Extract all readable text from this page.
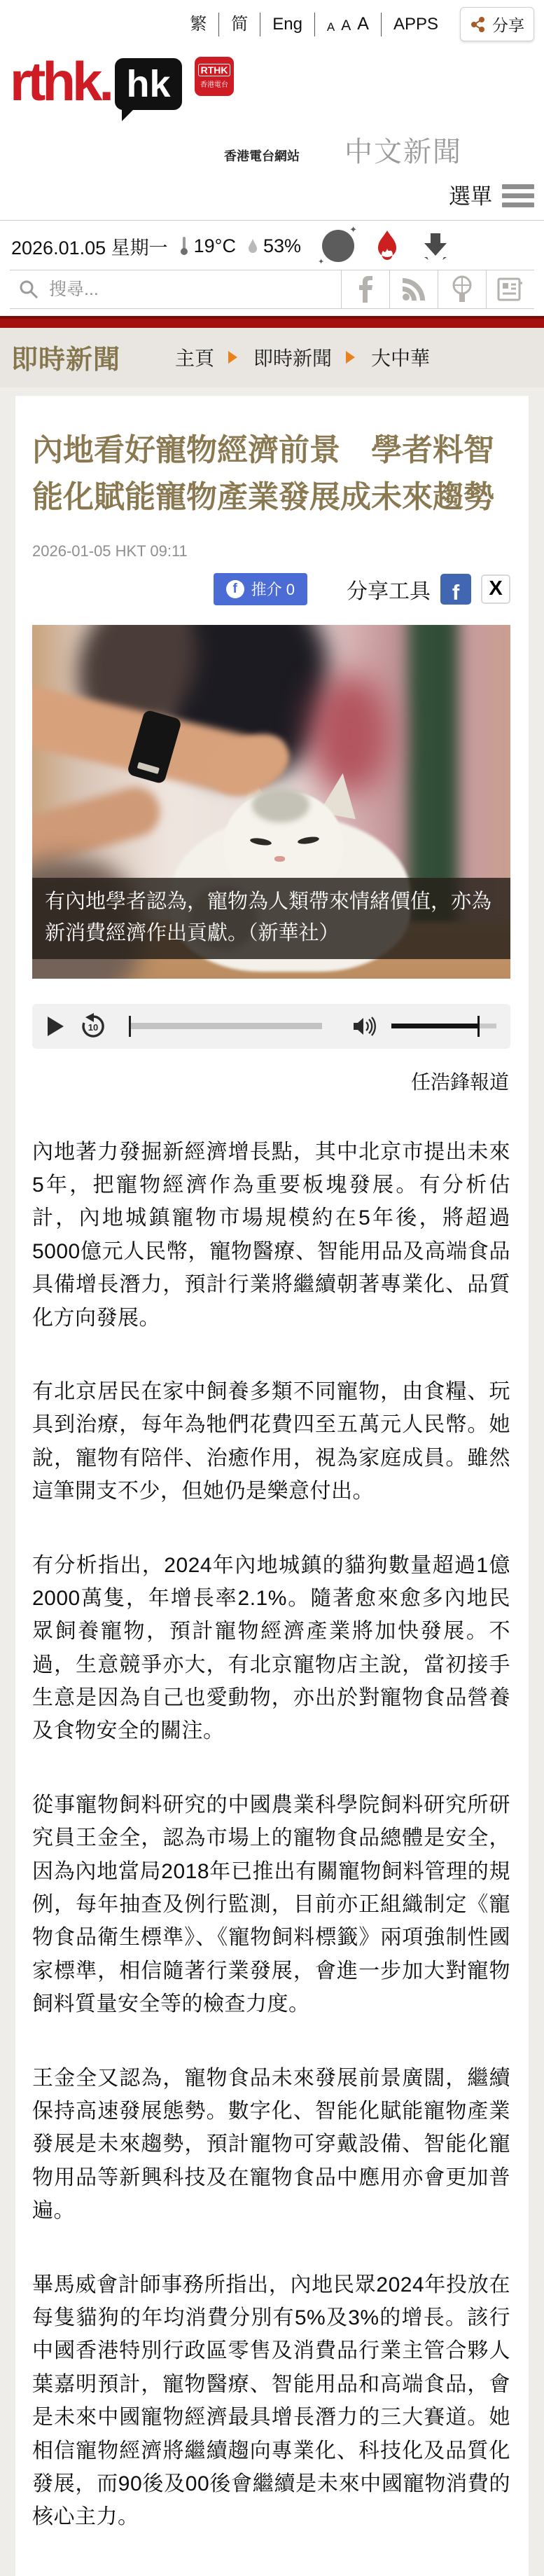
繁	简	Eng	A A A	APPS	分享
rthk. hk	RTHK
香港電台
香港電台網站 中文新聞
選單
2026.01.05 星期一 19°C 53%
✦ ✦
搜尋...
即時新聞	主頁 即時新聞 大中華
內地看好寵物經濟前景　學者料智能化賦能寵物產業發展成未來趨勢
2026-01-05 HKT 09:11
f 推介 0 分享工具 f	X
有內地學者認為，寵物為人類帶來情緒價值，亦為新消費經濟作出貢獻。（新華社）
10
任浩鋒報道

內地著力發掘新經濟增長點，其中北京市提出未來5年，把寵物經濟作為重要板塊發展。有分析估計，內地城鎮寵物市場規模約在5年後，將超過5000億元人民幣，寵物醫療、智能用品及高端食品具備增長潛力，預計行業將繼續朝著專業化、品質化方向發展。

有北京居民在家中飼養多類不同寵物，由食糧、玩具到治療，每年為牠們花費四至五萬元人民幣。她說，寵物有陪伴、治癒作用，視為家庭成員。雖然這筆開支不少，但她仍是樂意付出。

有分析指出，2024年內地城鎮的貓狗數量超過1億2000萬隻，年增長率2.1%。隨著愈來愈多內地民眾飼養寵物，預計寵物經濟產業將加快發展。不過，生意競爭亦大，有北京寵物店主說，當初接手生意是因為自己也愛動物，亦出於對寵物食品營養及食物安全的關注。

從事寵物飼料研究的中國農業科學院飼料研究所研究員王金全，認為市場上的寵物食品總體是安全，因為內地當局2018年已推出有關寵物飼料管理的規例，每年抽查及例行監測，目前亦正組織制定《寵物食品衛生標準》、《寵物飼料標籤》兩項強制性國家標準，相信隨著行業發展，會進一步加大對寵物飼料質量安全等的檢查力度。

王金全又認為，寵物食品未來發展前景廣闊，繼續保持高速發展態勢。數字化、智能化賦能寵物產業發展是未來趨勢，預計寵物可穿戴設備、智能化寵物用品等新興科技及在寵物食品中應用亦會更加普遍。

畢馬威會計師事務所指出，內地民眾2024年投放在每隻貓狗的年均消費分別有5%及3%的增長。該行中國香港特別行政區零售及消費品行業主管合夥人葉嘉明預計，寵物醫療、智能用品和高端食品，會是未來中國寵物經濟最具增長潛力的三大賽道。她相信寵物經濟將繼續趨向專業化、科技化及品質化發展，而90後及00後會繼續是未來中國寵物消費的核心主力。
